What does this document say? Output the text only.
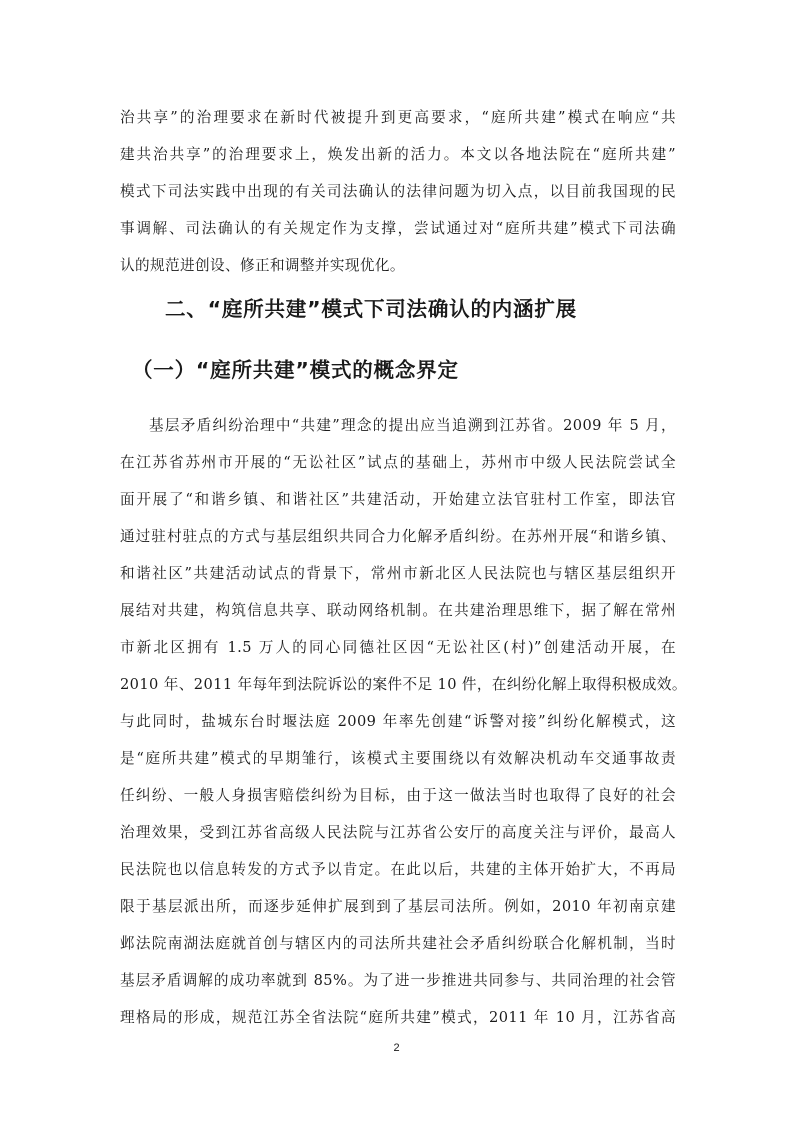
治共享”的治理要求在新时代被提升到更高要求，“庭所共建”模式在响应“共
建共治共享”的治理要求上，焕发出新的活力。本文以各地法院在“庭所共建”
模式下司法实践中出现的有关司法确认的法律问题为切入点，以目前我国现的民
事调解、司法确认的有关规定作为支撑，尝试通过对“庭所共建”模式下司法确
认的规范进创设、修正和调整并实现优化。
二、“庭所共建”模式下司法确认的内涵扩展
（一）“庭所共建”模式的概念界定
基层矛盾纠纷治理中“共建”理念的提出应当追溯到江苏省。2009 年 5 月，
在江苏省苏州市开展的“无讼社区”试点的基础上，苏州市中级人民法院尝试全
面开展了“和谐乡镇、和谐社区”共建活动，开始建立法官驻村工作室，即法官
通过驻村驻点的方式与基层组织共同合力化解矛盾纠纷。在苏州开展“和谐乡镇、
和谐社区”共建活动试点的背景下，常州市新北区人民法院也与辖区基层组织开
展结对共建，构筑信息共享、联动网络机制。在共建治理思维下，据了解在常州
市新北区拥有 1.5 万人的同心同德社区因“无讼社区(村)”创建活动开展，在
2010 年、2011 年每年到法院诉讼的案件不足 10 件，在纠纷化解上取得积极成效。
与此同时，盐城东台时堰法庭 2009 年率先创建“诉警对接”纠纷化解模式，这
是“庭所共建”模式的早期雏行，该模式主要围绕以有效解决机动车交通事故责
任纠纷、一般人身损害赔偿纠纷为目标，由于这一做法当时也取得了良好的社会
治理效果，受到江苏省高级人民法院与江苏省公安厅的高度关注与评价，最高人
民法院也以信息转发的方式予以肯定。在此以后，共建的主体开始扩大，不再局
限于基层派出所，而逐步延伸扩展到到了基层司法所。例如，2010 年初南京建
邺法院南湖法庭就首创与辖区内的司法所共建社会矛盾纠纷联合化解机制，当时
基层矛盾调解的成功率就到 85%。为了进一步推进共同参与、共同治理的社会管
理格局的形成，规范江苏全省法院“庭所共建”模式，2011 年 10 月，江苏省高
2
